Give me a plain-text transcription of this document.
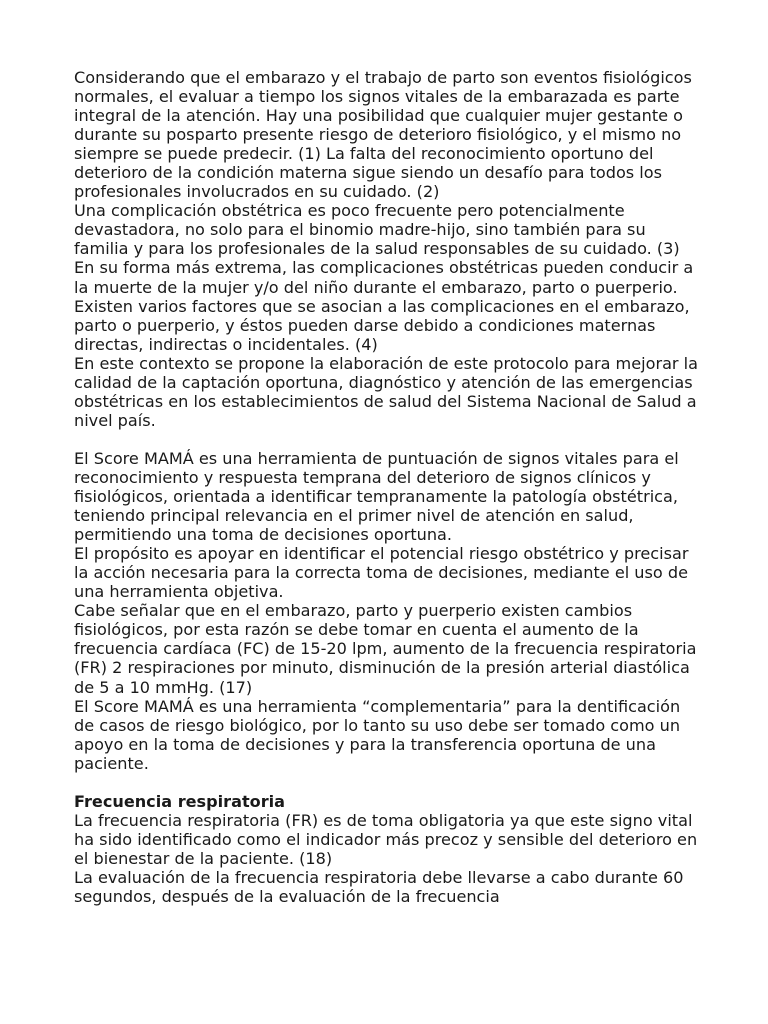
Considerando que el embarazo y el trabajo de parto son eventos fisiológicos normales, el evaluar a tiempo los signos vitales de la embarazada es parte integral de la atención. Hay una posibilidad que cualquier mujer gestante o durante su posparto presente riesgo de deterioro fisiológico, y el mismo no siempre se puede predecir. (1) La falta del reconocimiento oportuno del deterioro de la condición materna sigue siendo un desafío para todos los profesionales involucrados en su cuidado. (2)

Una complicación obstétrica es poco frecuente pero potencialmente devastadora, no solo para el binomio madre-hijo, sino también para su familia y para los profesionales de la salud responsables de su cuidado. (3) En su forma más extrema, las complicaciones obstétricas pueden conducir a la muerte de la mujer y/o del niño durante el embarazo, parto o puerperio. Existen varios factores que se asocian a las complicaciones en el embarazo, parto o puerperio, y éstos pueden darse debido a condiciones maternas directas, indirectas o incidentales. (4)

En este contexto se propone la elaboración de este protocolo para mejorar la calidad de la captación oportuna, diagnóstico y atención de las emergencias obstétricas en los establecimientos de salud del Sistema Nacional de Salud a nivel país.

El Score MAMÁ es una herramienta de puntuación de signos vitales para el reconocimiento y respuesta temprana del deterioro de signos clínicos y fisiológicos, orientada a identificar tempranamente la patología obstétrica, teniendo principal relevancia en el primer nivel de atención en salud, permitiendo una toma de decisiones oportuna.

El propósito es apoyar en identificar el potencial riesgo obstétrico y precisar la acción necesaria para la correcta toma de decisiones, mediante el uso de una herramienta objetiva.

Cabe señalar que en el embarazo, parto y puerperio existen cambios fisiológicos, por esta razón se debe tomar en cuenta el aumento de la frecuencia cardíaca (FC) de 15-20 lpm, aumento de la frecuencia respiratoria (FR) 2 respiraciones por minuto, disminución de la presión arterial diastólica de 5 a 10 mmHg. (17)

El Score MAMÁ es una herramienta “complementaria” para la dentificación de casos de riesgo biológico, por lo tanto su uso debe ser tomado como un apoyo en la toma de decisiones y para la transferencia oportuna de una paciente.

Frecuencia respiratoria

La frecuencia respiratoria (FR) es de toma obligatoria ya que este signo vital ha sido identificado como el indicador más precoz y sensible del deterioro en el bienestar de la paciente. (18)

La evaluación de la frecuencia respiratoria debe llevarse a cabo durante 60 segundos, después de la evaluación de la frecuencia
